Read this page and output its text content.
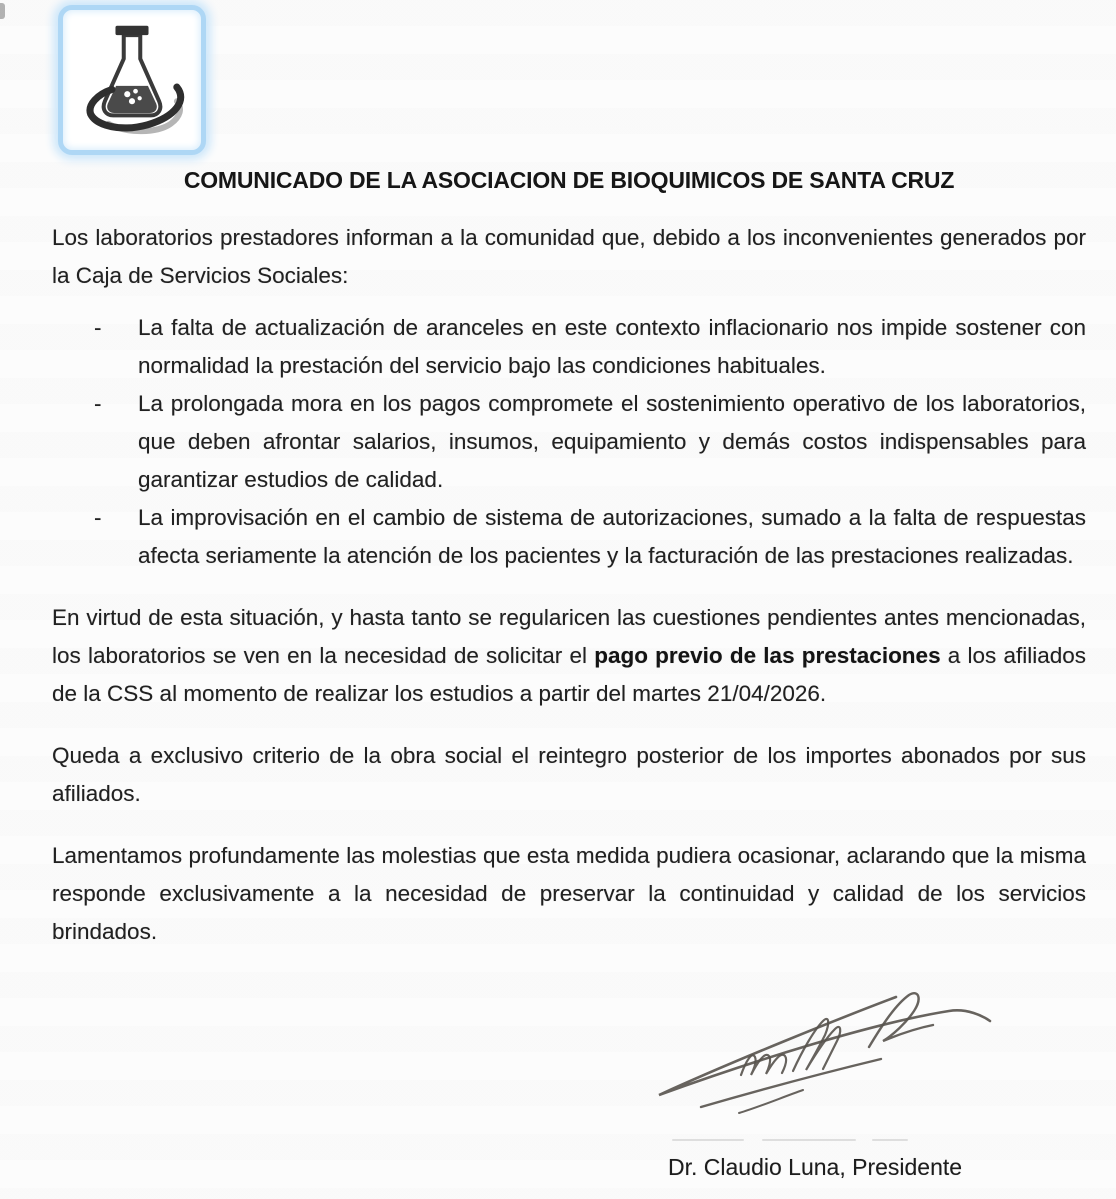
COMUNICADO DE LA ASOCIACION DE BIOQUIMICOS DE SANTA CRUZ

Los laboratorios prestadores informan a la comunidad que, debido a los inconvenientes generados por la Caja de Servicios Sociales:

-	La falta de actualización de aranceles en este contexto inflacionario nos impide sostener con normalidad la prestación del servicio bajo las condiciones habituales.
-	La prolongada mora en los pagos compromete el sostenimiento operativo de los laboratorios, que deben afrontar salarios, insumos, equipamiento y demás costos indispensables para garantizar estudios de calidad.
-	La improvisación en el cambio de sistema de autorizaciones, sumado a la falta de respuestas afecta seriamente la atención de los pacientes y la facturación de las prestaciones realizadas.

En virtud de esta situación, y hasta tanto se regularicen las cuestiones pendientes antes mencionadas, los laboratorios se ven en la necesidad de solicitar el pago previo de las prestaciones a los afiliados de la CSS al momento de realizar los estudios a partir del martes 21/04/2026.

Queda a exclusivo criterio de la obra social el reintegro posterior de los importes abonados por sus afiliados.

Lamentamos profundamente las molestias que esta medida pudiera ocasionar, aclarando que la misma responde exclusivamente a la necesidad de preservar la continuidad y calidad de los servicios brindados.

Dr. Claudio Luna, Presidente
